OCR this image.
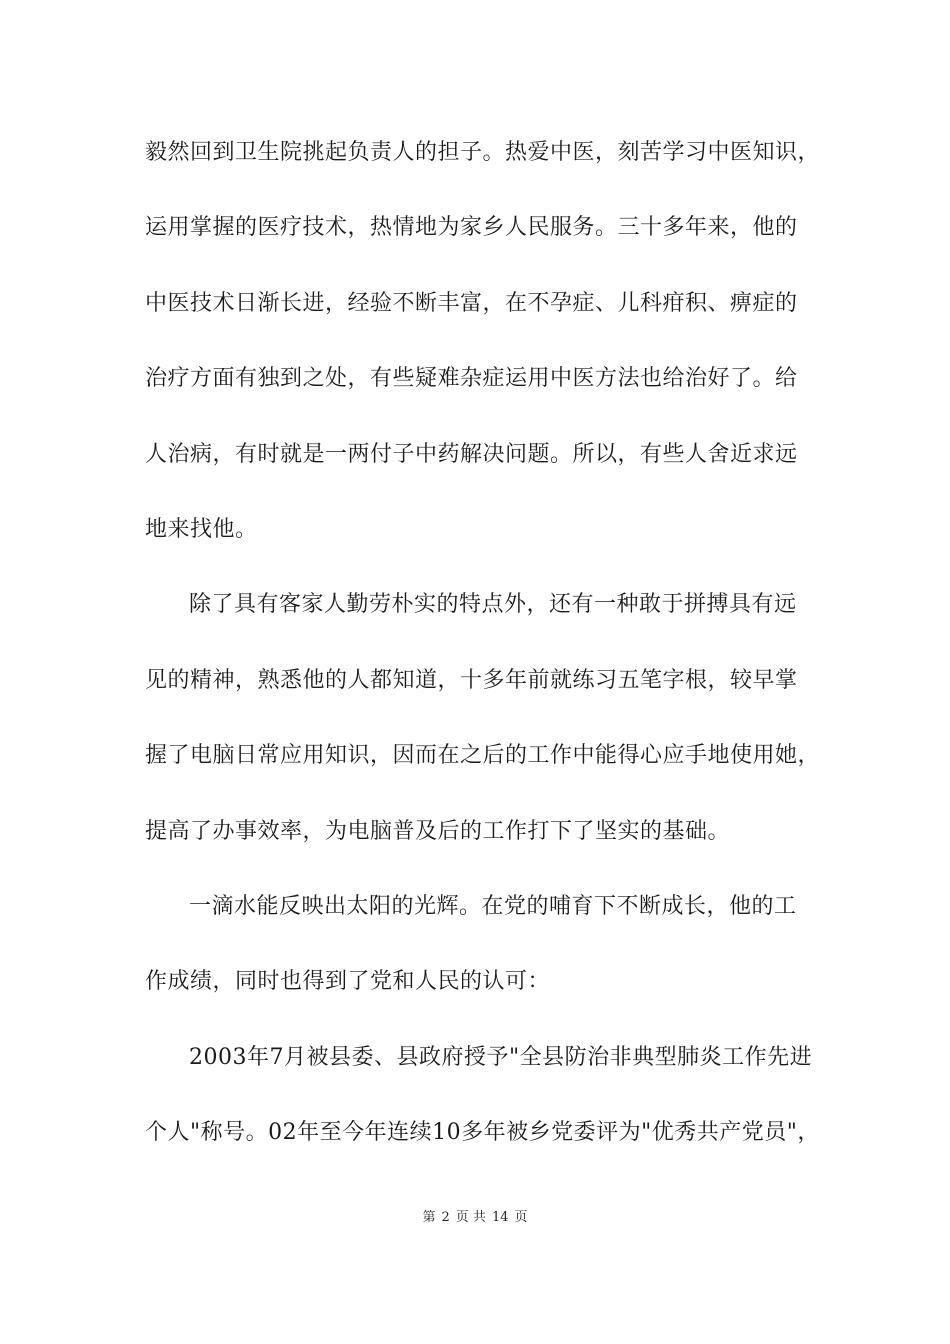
毅然回到卫生院挑起负责人的担子。热爱中医，刻苦学习中医知识，
运用掌握的医疗技术，热情地为家乡人民服务。三十多年来，他的
中医技术日渐长进，经验不断丰富，在不孕症、儿科疳积、痹症的
治疗方面有独到之处，有些疑难杂症运用中医方法也给治好了。给
人治病，有时就是一两付子中药解决问题。所以，有些人舍近求远
地来找他。
除了具有客家人勤劳朴实的特点外，还有一种敢于拼搏具有远
见的精神，熟悉他的人都知道，十多年前就练习五笔字根，较早掌
握了电脑日常应用知识，因而在之后的工作中能得心应手地使用她，
提高了办事效率，为电脑普及后的工作打下了坚实的基础。
一滴水能反映出太阳的光辉。在党的哺育下不断成长，他的工
作成绩，同时也得到了党和人民的认可：
2003年7月被县委、县政府授予"全县防治非典型肺炎工作先进
个人"称号。02年至今年连续10多年被乡党委评为"优秀共产党员"，
第 2 页 共 14 页
